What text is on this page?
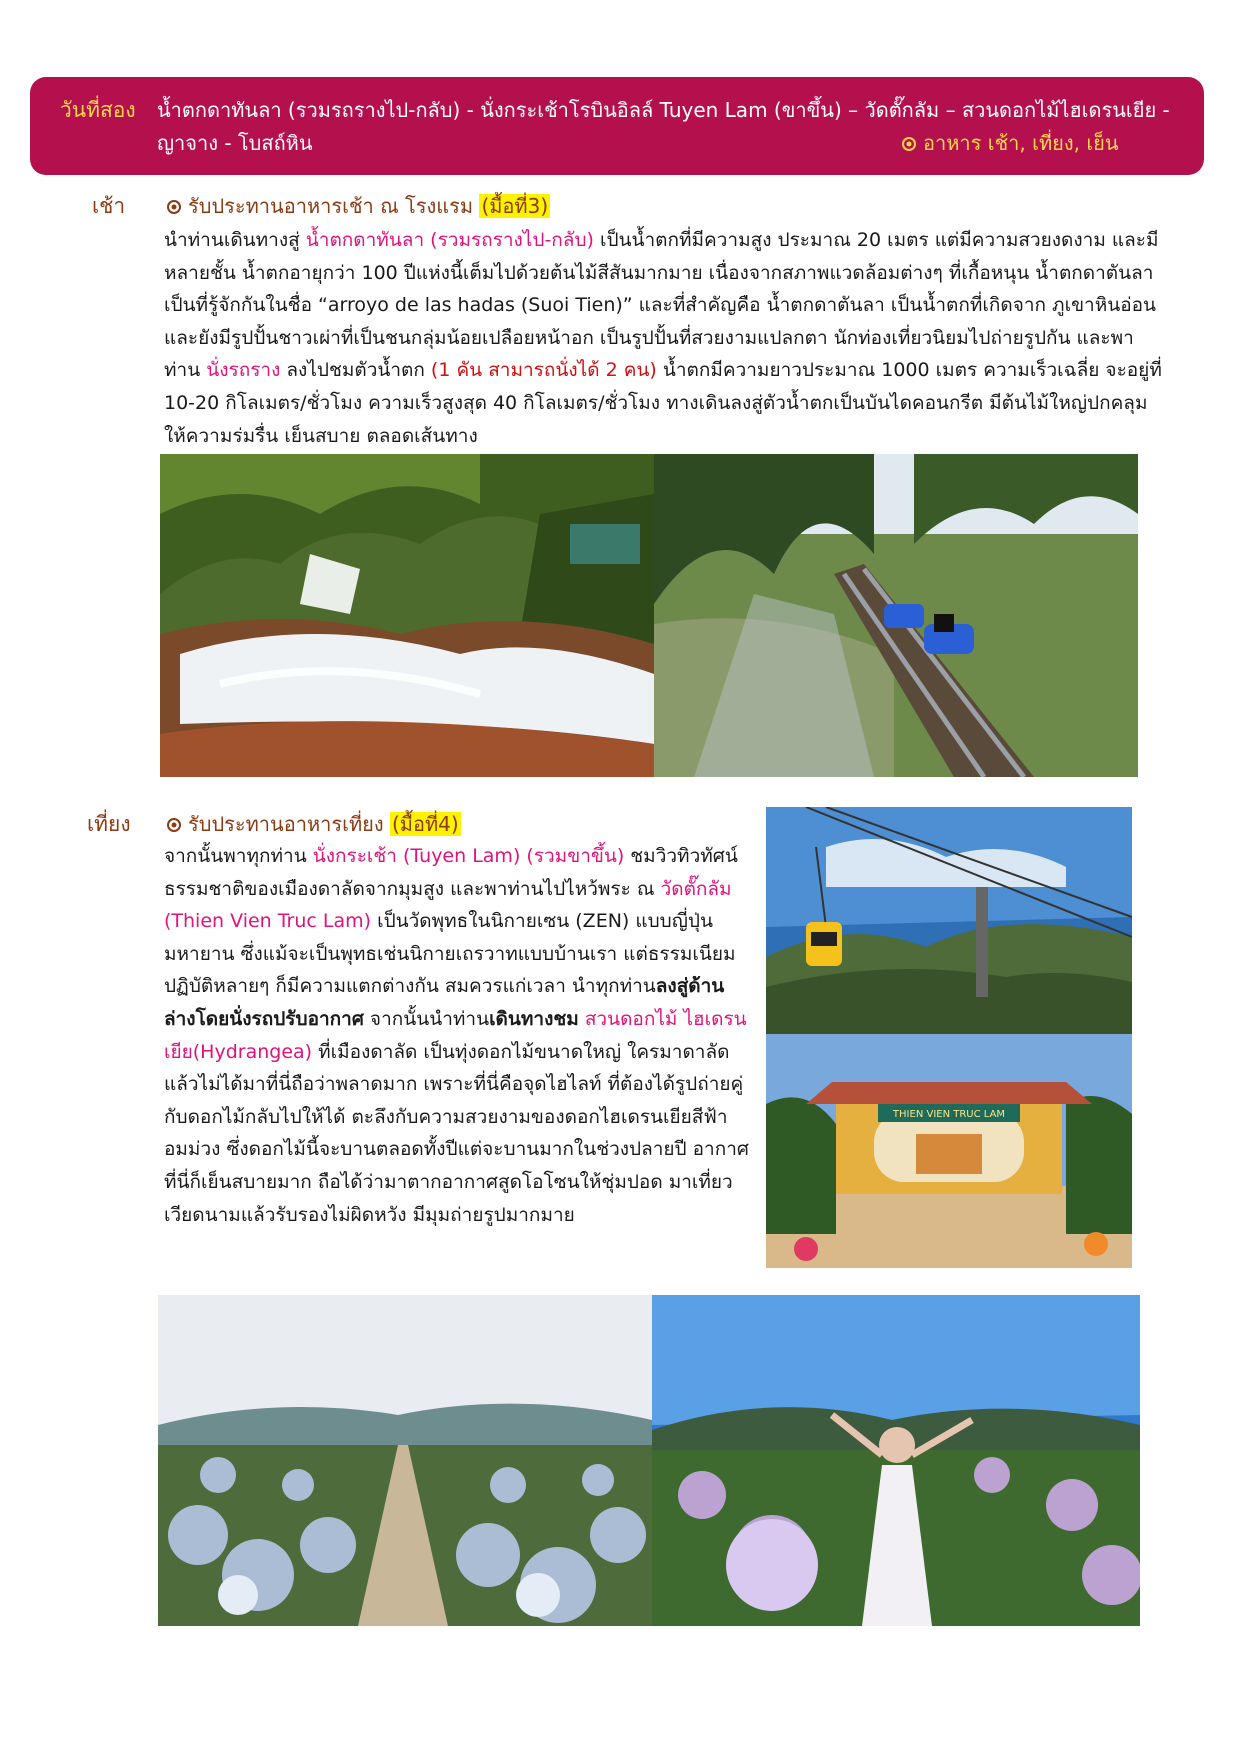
วันที่สอง น้ำตกดาทันลา (รวมรถรางไป-กลับ) - นั่งกระเช้าโรบินอิลล์ Tuyen Lam (ขาขึ้น) – วัดตั๊กลัม – สวนดอกไม้ไฮเดรนเยีย - ญาจาง - โบสถ์หิน	อาหาร เช้า, เที่ยง, เย็น
เช้า	รับประทานอาหารเช้า ณ โรงแรม (มื้อที่3)
นำท่านเดินทางสู่ น้ำตกดาทันลา (รวมรถรางไป-กลับ) เป็นน้ำตกที่มีความสูง ประมาณ 20 เมตร แต่มีความสวยงดงาม และมีหลายชั้น น้ำตกอายุกว่า 100 ปีแห่งนี้เต็มไปด้วยต้นไม้สีสันมากมาย เนื่องจากสภาพแวดล้อมต่างๆ ที่เกื้อหนุน น้ำตกดาตันลาเป็นที่รู้จักกันในชื่อ “arroyo de las hadas (Suoi Tien)” และที่สำคัญคือ น้ำตกดาตันลา เป็นน้ำตกที่เกิดจาก ภูเขาหินอ่อน และยังมีรูปปั้นชาวเผ่าที่เป็นชนกลุ่มน้อยเปลือยหน้าอก เป็นรูปปั้นที่สวยงามแปลกตา นักท่องเที่ยวนิยมไปถ่ายรูปกัน และพาท่าน นั่งรถราง ลงไปชมตัวน้ำตก (1 คัน สามารถนั่งได้ 2 คน) น้ำตกมีความยาวประมาณ 1000 เมตร ความเร็วเฉลี่ย จะอยู่ที่ 10-20 กิโลเมตร/ชั่วโมง ความเร็วสูงสุด 40 กิโลเมตร/ชั่วโมง ทางเดินลงสู่ตัวน้ำตกเป็นบันไดคอนกรีต มีต้นไม้ใหญ่ปกคลุมให้ความร่มรื่น เย็นสบาย ตลอดเส้นทาง
เที่ยง	รับประทานอาหารเที่ยง (มื้อที่4)
จากนั้นพาทุกท่าน นั่งกระเช้า (Tuyen Lam) (รวมขาขึ้น) ชมวิวทิวทัศน์ธรรมชาติของเมืองดาลัดจากมุมสูง และพาท่านไปไหว้พระ ณ วัดตั๊กลัม (Thien Vien Truc Lam) เป็นวัดพุทธในนิกายเซน (ZEN) แบบญี่ปุ่น มหายาน ซึ่งแม้จะเป็นพุทธเช่นนิกายเถรวาทแบบบ้านเรา แต่ธรรมเนียมปฏิบัติหลายๆ ก็มีความแตกต่างกัน สมควรแก่เวลา นำทุกท่านลงสู่ด้านล่างโดยนั่งรถปรับอากาศ จากนั้นนำท่านเดินทางชม สวนดอกไม้ ไฮเดรนเยีย(Hydrangea) ที่เมืองดาลัด เป็นทุ่งดอกไม้ขนาดใหญ่ ใครมาดาลัดแล้วไม่ได้มาที่นี่ถือว่าพลาดมาก เพราะที่นี่คือจุดไฮไลท์ ที่ต้องได้รูปถ่ายคู่กับดอกไม้กลับไปให้ได้ ตะลึงกับความสวยงามของดอกไฮเดรนเยียสีฟ้าอมม่วง ซึ่งดอกไม้นี้จะบานตลอดทั้งปีแต่จะบานมากในช่วงปลายปี อากาศที่นี่ก็เย็นสบายมาก ถือได้ว่ามาตากอากาศสูดโอโซนให้ชุ่มปอด มาเที่ยวเวียดนามแล้วรับรองไม่ผิดหวัง มีมุมถ่ายรูปมากมาย
THIEN VIEN TRUC LAM
